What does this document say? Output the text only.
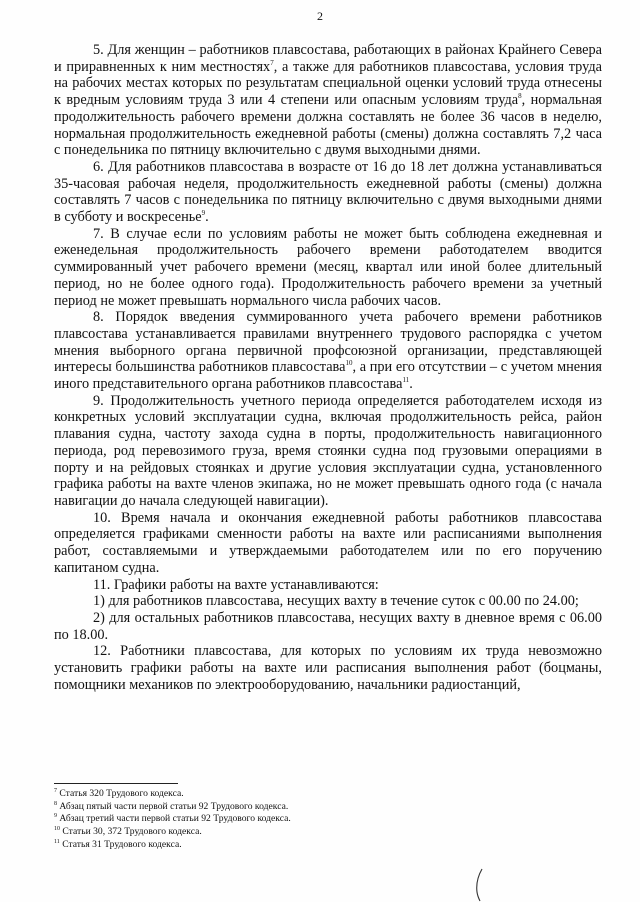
2

5. Для женщин – работников плавсостава, работающих в районах Крайнего Севера и приравненных к ним местностях$^7$, а также для работников плавсостава, условия труда на рабочих местах которых по результатам специальной оценки условий труда отнесены к вредным условиям труда 3 или 4 степени или опасным условиям труда$^8$, нормальная продолжительность рабочего времени должна составлять не более 36 часов в неделю, нормальная продолжительность ежедневной работы (смены) должна составлять 7,2 часа с понедельника по пятницу включительно с двумя выходными днями.

6. Для работников плавсостава в возрасте от 16 до 18 лет должна устанавливаться 35-часовая рабочая неделя, продолжительность ежедневной работы (смены) должна составлять 7 часов с понедельника по пятницу включительно с двумя выходными днями в субботу и воскресенье$^9$.

7. В случае если по условиям работы не может быть соблюдена ежедневная и еженедельная продолжительность рабочего времени работодателем вводится суммированный учет рабочего времени (месяц, квартал или иной более длительный период, но не более одного года). Продолжительность рабочего времени за учетный период не может превышать нормального числа рабочих часов.

8. Порядок введения суммированного учета рабочего времени работников плавсостава устанавливается правилами внутреннего трудового распорядка с учетом мнения выборного органа первичной профсоюзной организации, представляющей интересы большинства работников плавсостава$^{10}$, а при его отсутствии – с учетом мнения иного представительного органа работников плавсостава$^{11}$.

9. Продолжительность учетного периода определяется работодателем исходя из конкретных условий эксплуатации судна, включая продолжительность рейса, район плавания судна, частоту захода судна в порты, продолжительность навигационного периода, род перевозимого груза, время стоянки судна под грузовыми операциями в порту и на рейдовых стоянках и другие условия эксплуатации судна, установленного графика работы на вахте членов экипажа, но не может превышать одного года (с начала навигации до начала следующей навигации).

10. Время начала и окончания ежедневной работы работников плавсостава определяется графиками сменности работы на вахте или расписаниями выполнения работ, составляемыми и утверждаемыми работодателем или по его поручению капитаном судна.

11. Графики работы на вахте устанавливаются:

1) для работников плавсостава, несущих вахту в течение суток с 00.00 по 24.00;

2) для остальных работников плавсостава, несущих вахту в дневное время с 06.00 по 18.00.

12. Работники плавсостава, для которых по условиям их труда невозможно установить графики работы на вахте или расписания выполнения работ (боцманы, помощники механиков по электрооборудованию, начальники радиостанций,

$^7$ Статья 320 Трудового кодекса.
$^8$ Абзац пятый части первой статьи 92 Трудового кодекса.
$^9$ Абзац третий части первой статьи 92 Трудового кодекса.
$^{10}$ Статьи 30, 372 Трудового кодекса.
$^{11}$ Статья 31 Трудового кодекса.
